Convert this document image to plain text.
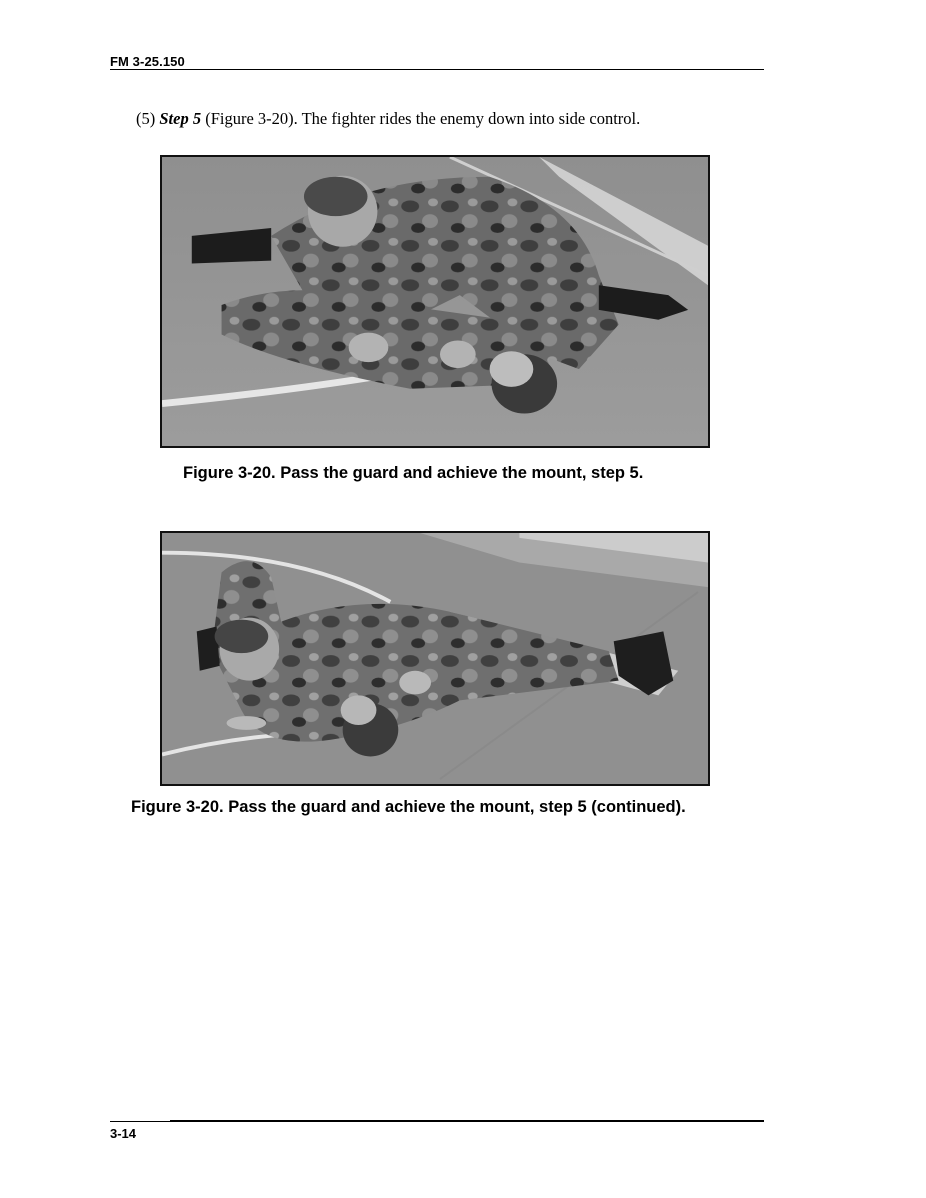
FM 3-25.150
(5) Step 5 (Figure 3-20). The fighter rides the enemy down into side control.
Figure 3-20. Pass the guard and achieve the mount, step 5.
Figure 3-20. Pass the guard and achieve the mount, step 5 (continued).
3-14
